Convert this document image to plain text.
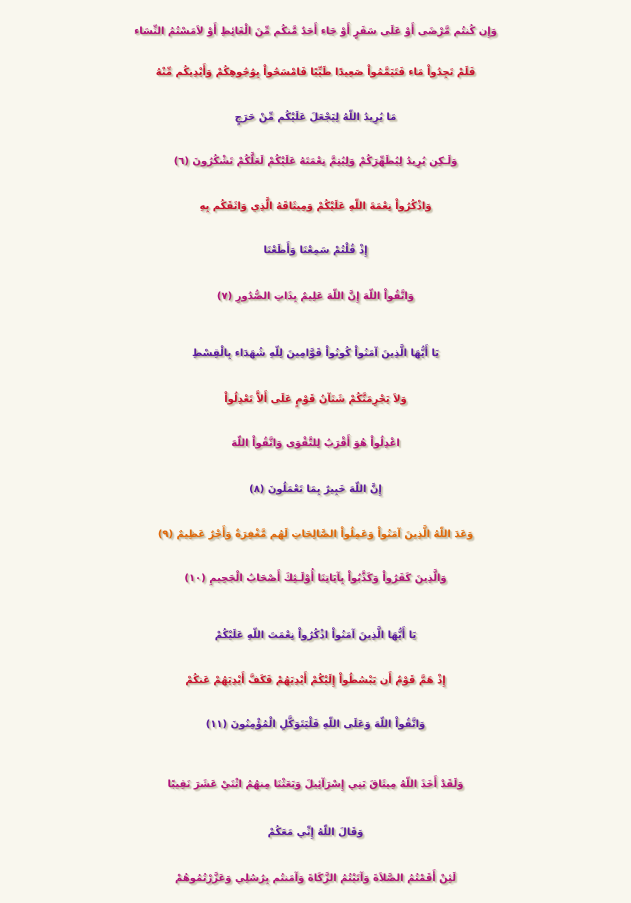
وَإِن كُنتُم مَّرْضَى أَوْ عَلَى سَفَرٍ أَوْ جَاء أَحَدٌ مَّنكُم مِّنَ الْغَائِطِ أَوْ لاَمَسْتُمُ النِّسَاء
فَلَمْ تَجِدُواْ مَاء فَتَيَمَّمُواْ صَعِيدًا طَيِّبًا فَامْسَحُواْ بِوُجُوهِكُمْ وَأَيْدِيكُم مِّنْهُ
مَا يُرِيدُ اللّهُ لِيَجْعَلَ عَلَيْكُم مِّنْ حَرَجٍ
وَلَـكِن يُرِيدُ لِيُطَهِّرَكُمْ وَلِيُتِمَّ نِعْمَتَهُ عَلَيْكُمْ لَعَلَّكُمْ تَشْكُرُونَ (٦)
وَاذْكُرُواْ نِعْمَةَ اللّهِ عَلَيْكُمْ وَمِيثَاقَهُ الَّذِي وَاثَقَكُم بِهِ
إِذْ قُلْتُمْ سَمِعْنَا وَأَطَعْنَا
وَاتَّقُواْ اللّهَ إِنَّ اللّهَ عَلِيمٌ بِذَاتِ الصُّدُورِ (٧)
يَا أَيُّهَا الَّذِينَ آمَنُواْ كُونُواْ قَوَّامِينَ لِلّهِ شُهَدَاء بِالْقِسْطِ
وَلاَ يَجْرِمَنَّكُمْ شَنَآنُ قَوْمٍ عَلَى أَلاَّ تَعْدِلُواْ
اعْدِلُواْ هُوَ أَقْرَبُ لِلتَّقْوَى وَاتَّقُواْ اللّهَ
إِنَّ اللّهَ خَبِيرٌ بِمَا تَعْمَلُونَ (٨)
وَعَدَ اللّهُ الَّذِينَ آمَنُواْ وَعَمِلُواْ الصَّالِحَاتِ لَهُم مَّغْفِرَةٌ وَأَجْرٌ عَظِيمٌ (٩)
وَالَّذِينَ كَفَرُواْ وَكَذَّبُواْ بِآيَاتِنَا أُوْلَـئِكَ أَصْحَابُ الْجَحِيمِ (١٠)
يَا أَيُّهَا الَّذِينَ آمَنُواْ اذْكُرُواْ نِعْمَتَ اللّهِ عَلَيْكُمْ
إِذْ هَمَّ قَوْمٌ أَن يَبْسُطُواْ إِلَيْكُمْ أَيْدِيَهُمْ فَكَفَّ أَيْدِيَهُمْ عَنكُمْ
وَاتَّقُواْ اللّهَ وَعَلَى اللّهِ فَلْيَتَوَكَّلِ الْمُؤْمِنُونَ (١١)
وَلَقَدْ أَخَذَ اللّهُ مِيثَاقَ بَنِي إِسْرَآئِيلَ وَبَعَثْنَا مِنهُمُ اثْنَيْ عَشَرَ نَقِيبًا
وَقَالَ اللّهُ إِنِّي مَعَكُمْ
لَئِنْ أَقَمْتُمُ الصَّلاَةَ وَآتَيْتُمُ الزَّكَاةَ وَآمَنتُم بِرُسُلِي وَعَزَّرْتُمُوهُمْ
